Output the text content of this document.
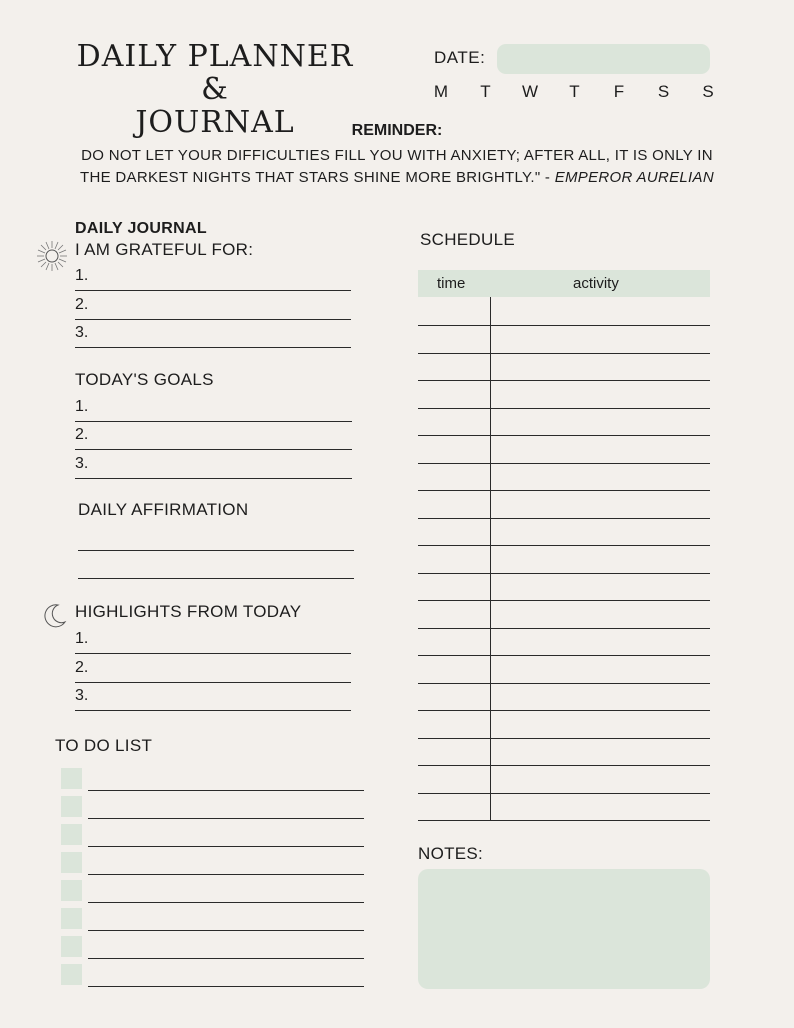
DAILY PLANNER &
JOURNAL
DATE:
M T W T F S S
REMINDER:
DO NOT LET YOUR DIFFICULTIES FILL YOU WITH ANXIETY; AFTER ALL, IT IS ONLY IN THE DARKEST NIGHTS THAT STARS SHINE MORE BRIGHTLY." - EMPEROR AURELIAN
DAILY JOURNAL
I AM GRATEFUL FOR:
1.
2.
3.
TODAY'S GOALS
1.
2.
3.
DAILY AFFIRMATION
HIGHLIGHTS FROM TODAY
1.
2.
3.
TO DO LIST
SCHEDULE
time	activity
NOTES:
